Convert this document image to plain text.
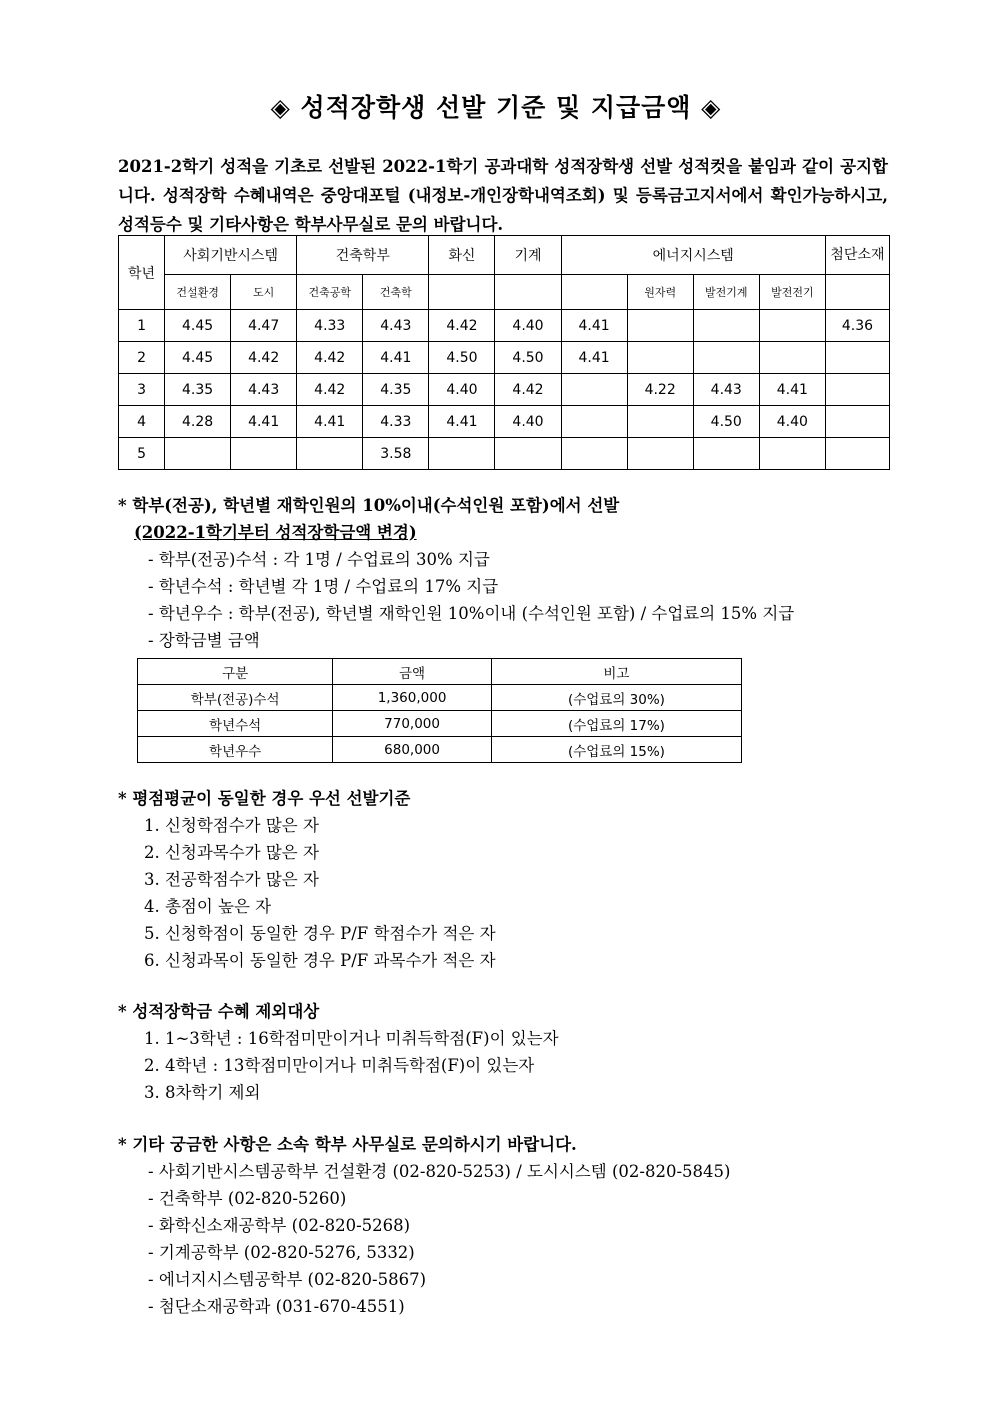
◈ 성적장학생 선발 기준 및 지급금액 ◈
2021-2학기 성적을 기초로 선발된 2022-1학기 공과대학 성적장학생 선발 성적컷을 붙임과 같이 공지합니다. 성적장학 수혜내역은 중앙대포털 (내정보-개인장학내역조회) 및 등록금고지서에서 확인가능하시고, 성적등수 및 기타사항은 학부사무실로 문의 바랍니다.
학년	사회기반시스템		건축학부		화신	기계	에너지시스템				첨단소재
	건설환경	도시	건축공학	건축학				원자력	발전기계	발전전기	
1	4.45	4.47	4.33	4.43	4.42	4.40	4.41				4.36
2	4.45	4.42	4.42	4.41	4.50	4.50	4.41				
3	4.35	4.43	4.42	4.35	4.40	4.42		4.22	4.43	4.41	
4	4.28	4.41	4.41	4.33	4.41	4.40			4.50	4.40	
5				3.58							
* 학부(전공), 학년별 재학인원의 10%이내(수석인원 포함)에서 선발
(2022-1학기부터 성적장학금액 변경)
- 학부(전공)수석 : 각 1명 / 수업료의 30% 지급
- 학년수석 : 학년별 각 1명 / 수업료의 17% 지급
- 학년우수 : 학부(전공), 학년별 재학인원 10%이내 (수석인원 포함) / 수업료의 15% 지급
- 장학금별 금액
구분	금액	비고
학부(전공)수석	1,360,000	(수업료의 30%)
학년수석	770,000	(수업료의 17%)
학년우수	680,000	(수업료의 15%)
* 평점평균이 동일한 경우 우선 선발기준
1. 신청학점수가 많은 자
2. 신청과목수가 많은 자
3. 전공학점수가 많은 자
4. 총점이 높은 자
5. 신청학점이 동일한 경우 P/F 학점수가 적은 자
6. 신청과목이 동일한 경우 P/F 과목수가 적은 자
* 성적장학금 수혜 제외대상
1. 1~3학년 : 16학점미만이거나 미취득학점(F)이 있는자
2. 4학년 : 13학점미만이거나 미취득학점(F)이 있는자
3. 8차학기 제외
* 기타 궁금한 사항은 소속 학부 사무실로 문의하시기 바랍니다.
- 사회기반시스템공학부 건설환경 (02-820-5253) / 도시시스템 (02-820-5845)
- 건축학부 (02-820-5260)
- 화학신소재공학부 (02-820-5268)
- 기계공학부 (02-820-5276, 5332)
- 에너지시스템공학부 (02-820-5867)
- 첨단소재공학과 (031-670-4551)
